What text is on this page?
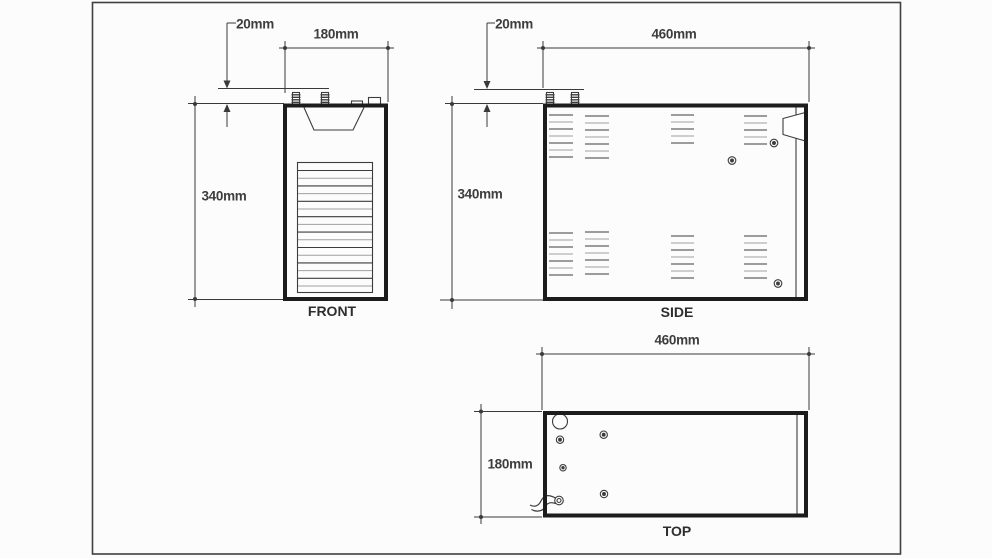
20mm
180mm
340mm
20mm
460mm
340mm
460mm
180mm
FRONT	SIDE
TOP
